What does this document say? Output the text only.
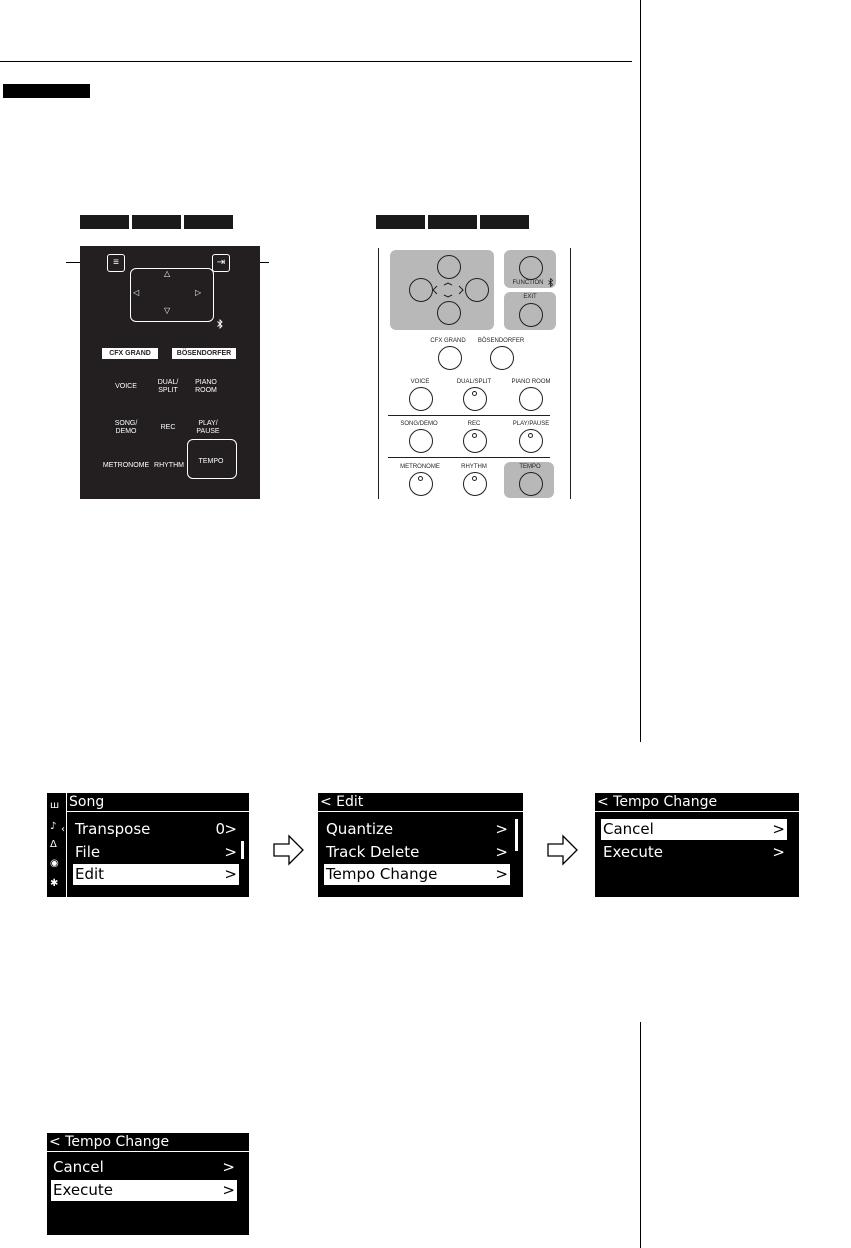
≡	⇥
△
▽
◁	▷
CFX GRAND	BÖSENDORFER
VOICE
DUAL/
SPLIT
PIANO
ROOM
SONG/
DEMO
REC
PLAY/
PAUSE
METRONOME RHYTHM
TEMPO
FUNCTION
EXIT
CFX GRAND	BÖSENDORFER
VOICE	DUAL/SPLIT	PIANO ROOM
SONG/DEMO	REC	PLAY/PAUSE
METRONOME	RHYTHM	TEMPO
Song
ш
♪
Δ
◉
✱
‹ Transpose	0 >
File	>
Edit	>
< Edit
Quantize	>
Track Delete	>
Tempo Change	>
< Tempo Change
Cancel	>
Execute	>
< Tempo Change
Cancel	>
Execute	>
